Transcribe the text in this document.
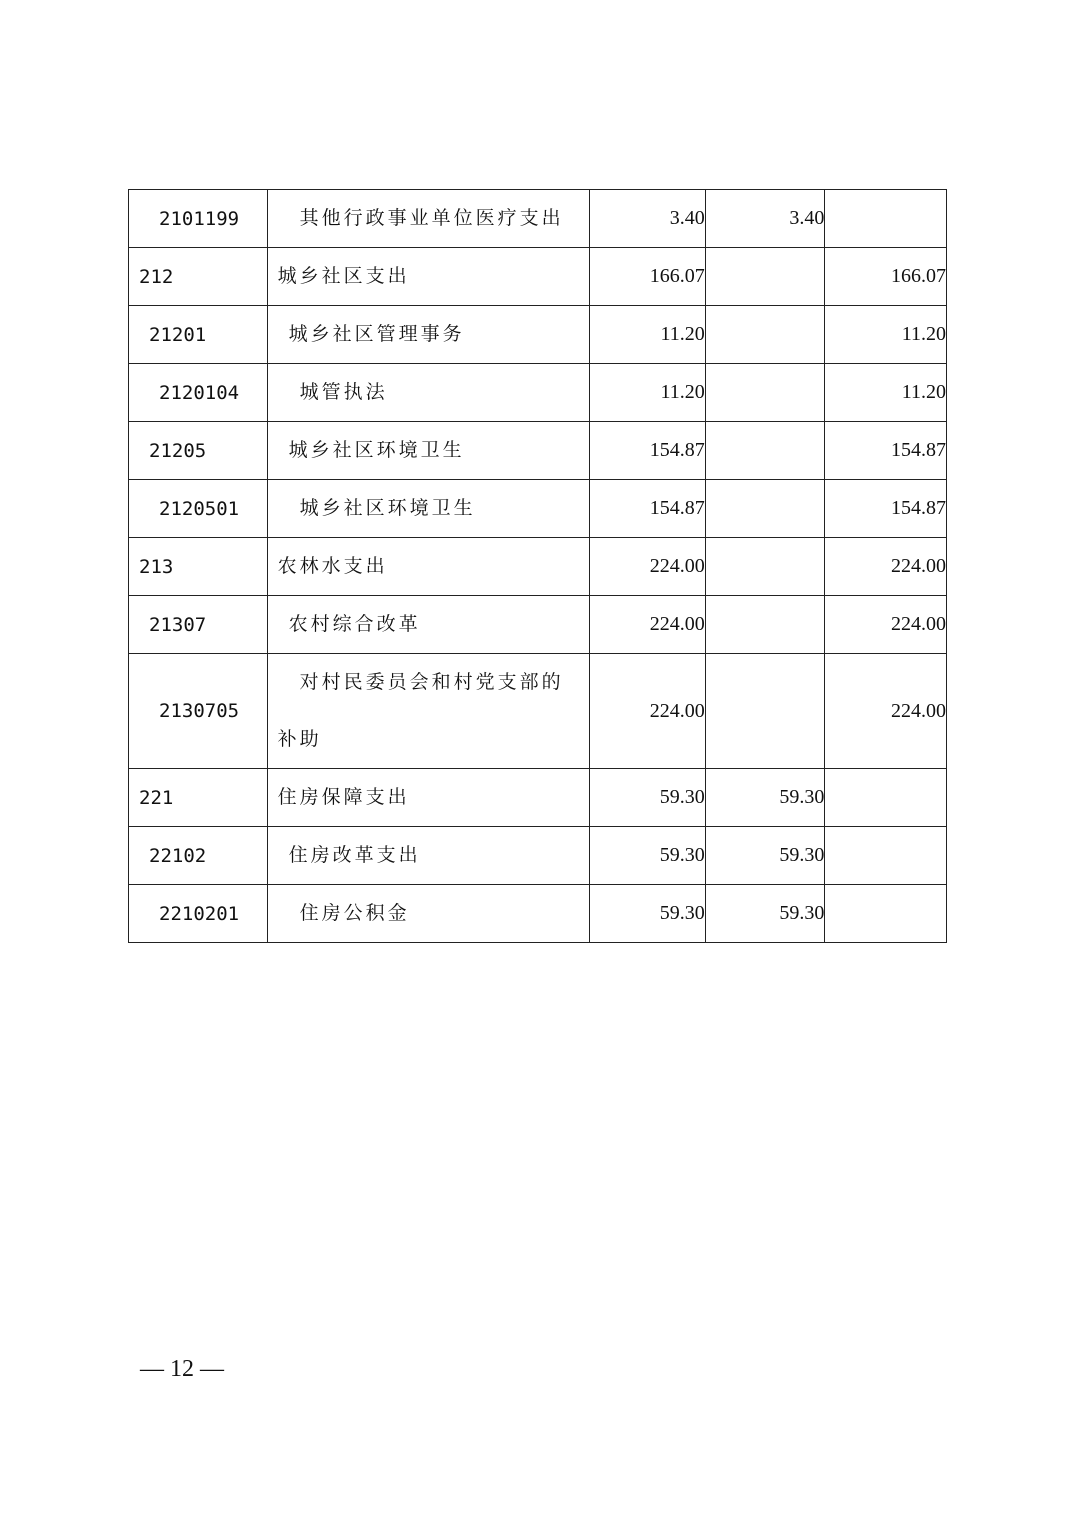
2101199	其他行政事业单位医疗支出	3.40	3.40	
212	城乡社区支出	166.07		166.07
21201	城乡社区管理事务	11.20		11.20
2120104	城管执法	11.20		11.20
21205	城乡社区环境卫生	154.87		154.87
2120501	城乡社区环境卫生	154.87		154.87
213	农林水支出	224.00		224.00
21307	农村综合改革	224.00		224.00
2130705	对村民委员会和村党支部的补助	224.00		224.00
221	住房保障支出	59.30	59.30	
22102	住房改革支出	59.30	59.30	
2210201	住房公积金	59.30	59.30	
— 12 —
